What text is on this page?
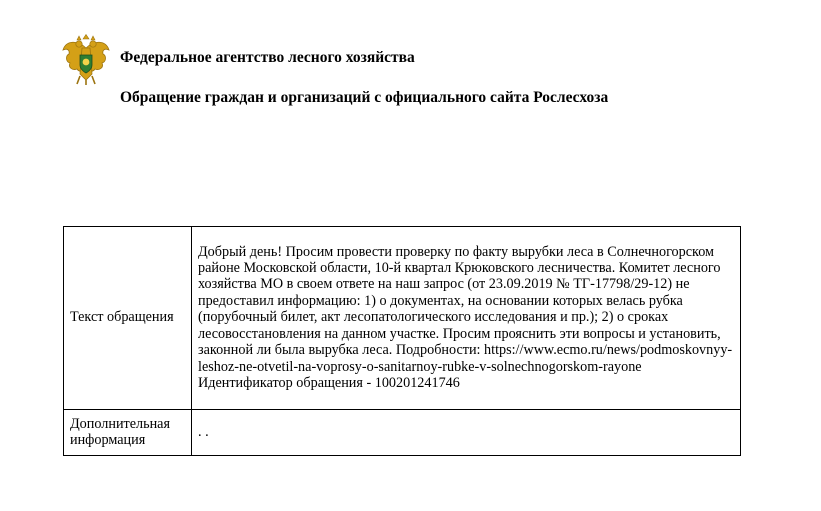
Федеральное агентство лесного хозяйства
Обращение граждан и организаций с официального сайта Рослесхоза
Текст обращения	Добрый день! Просим провести проверку по факту вырубки леса в Солнечногорском районе Московской области, 10-й квартал Крюковского лесничества. Комитет лесного хозяйства МО в своем ответе на наш запрос (от 23.09.2019 № ТГ-17798/29-12) не предоставил информацию: 1) о документах, на основании которых велась рубка (порубочный билет, акт лесопатологического исследования и пр.); 2) о сроках лесовосстановления на данном участке. Просим прояснить эти вопросы и установить, законной ли была вырубка леса. Подробности: https://www.ecmo.ru/news/podmoskovnyy-leshoz-ne-otvetil-na-voprosy-o-sanitarnoy-rubke-v-solnechnogorskom-rayone Идентификатор обращения - 100201241746
Дополнительная информация	. .
